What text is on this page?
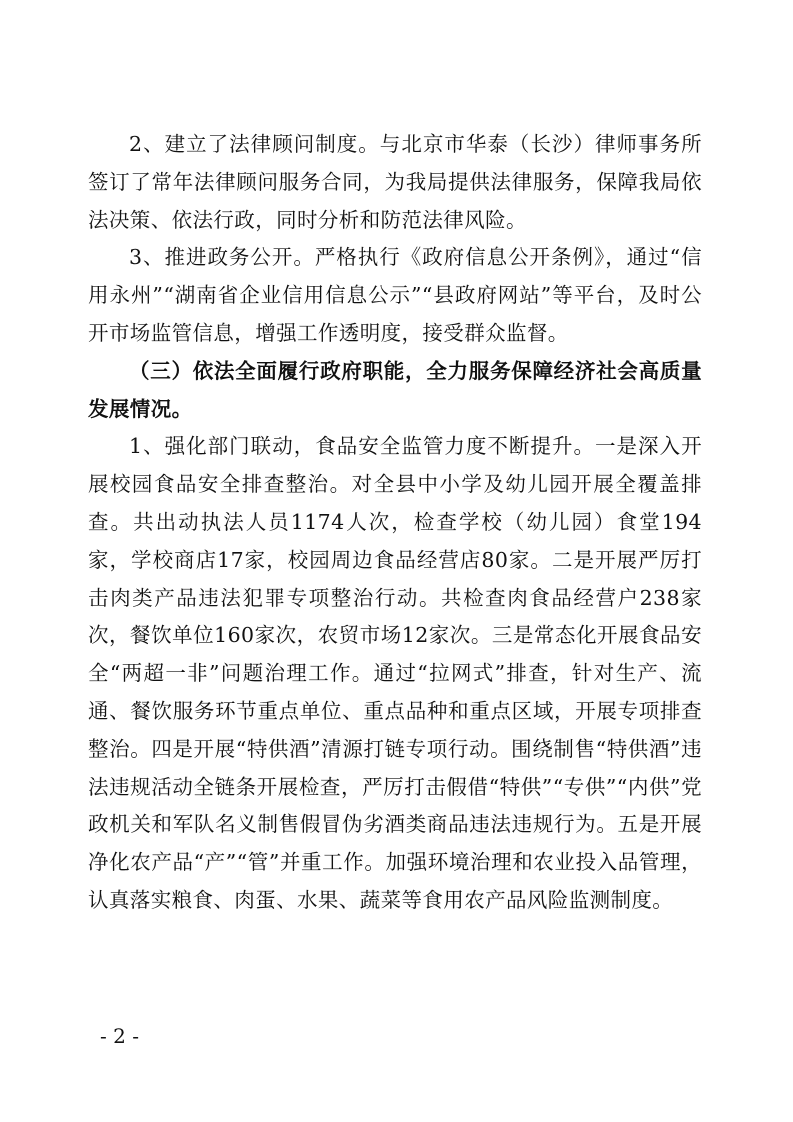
2、建立了法律顾问制度。与北京市华泰（长沙）律师事务所签订了常年法律顾问服务合同，为我局提供法律服务，保障我局依法决策、依法行政，同时分析和防范法律风险。

3、推进政务公开。严格执行《政府信息公开条例》，通过“信用永州”“湖南省企业信用信息公示”“县政府网站”等平台，及时公开市场监管信息，增强工作透明度，接受群众监督。

（三）依法全面履行政府职能，全力服务保障经济社会高质量发展情况。

1、强化部门联动，食品安全监管力度不断提升。一是深入开展校园食品安全排查整治。对全县中小学及幼儿园开展全覆盖排查。共出动执法人员1174人次，检查学校（幼儿园）食堂194家，学校商店17家，校园周边食品经营店80家。二是开展严厉打击肉类产品违法犯罪专项整治行动。共检查肉食品经营户238家次，餐饮单位160家次，农贸市场12家次。三是常态化开展食品安全“两超一非”问题治理工作。通过“拉网式”排查，针对生产、流通、餐饮服务环节重点单位、重点品种和重点区域，开展专项排查整治。四是开展“特供酒”清源打链专项行动。围绕制售“特供酒”违法违规活动全链条开展检查，严厉打击假借“特供”“专供”“内供”党政机关和军队名义制售假冒伪劣酒类商品违法违规行为。五是开展净化农产品“产”“管”并重工作。加强环境治理和农业投入品管理，认真落实粮食、肉蛋、水果、蔬菜等食用农产品风险监测制度。

- 2 -
